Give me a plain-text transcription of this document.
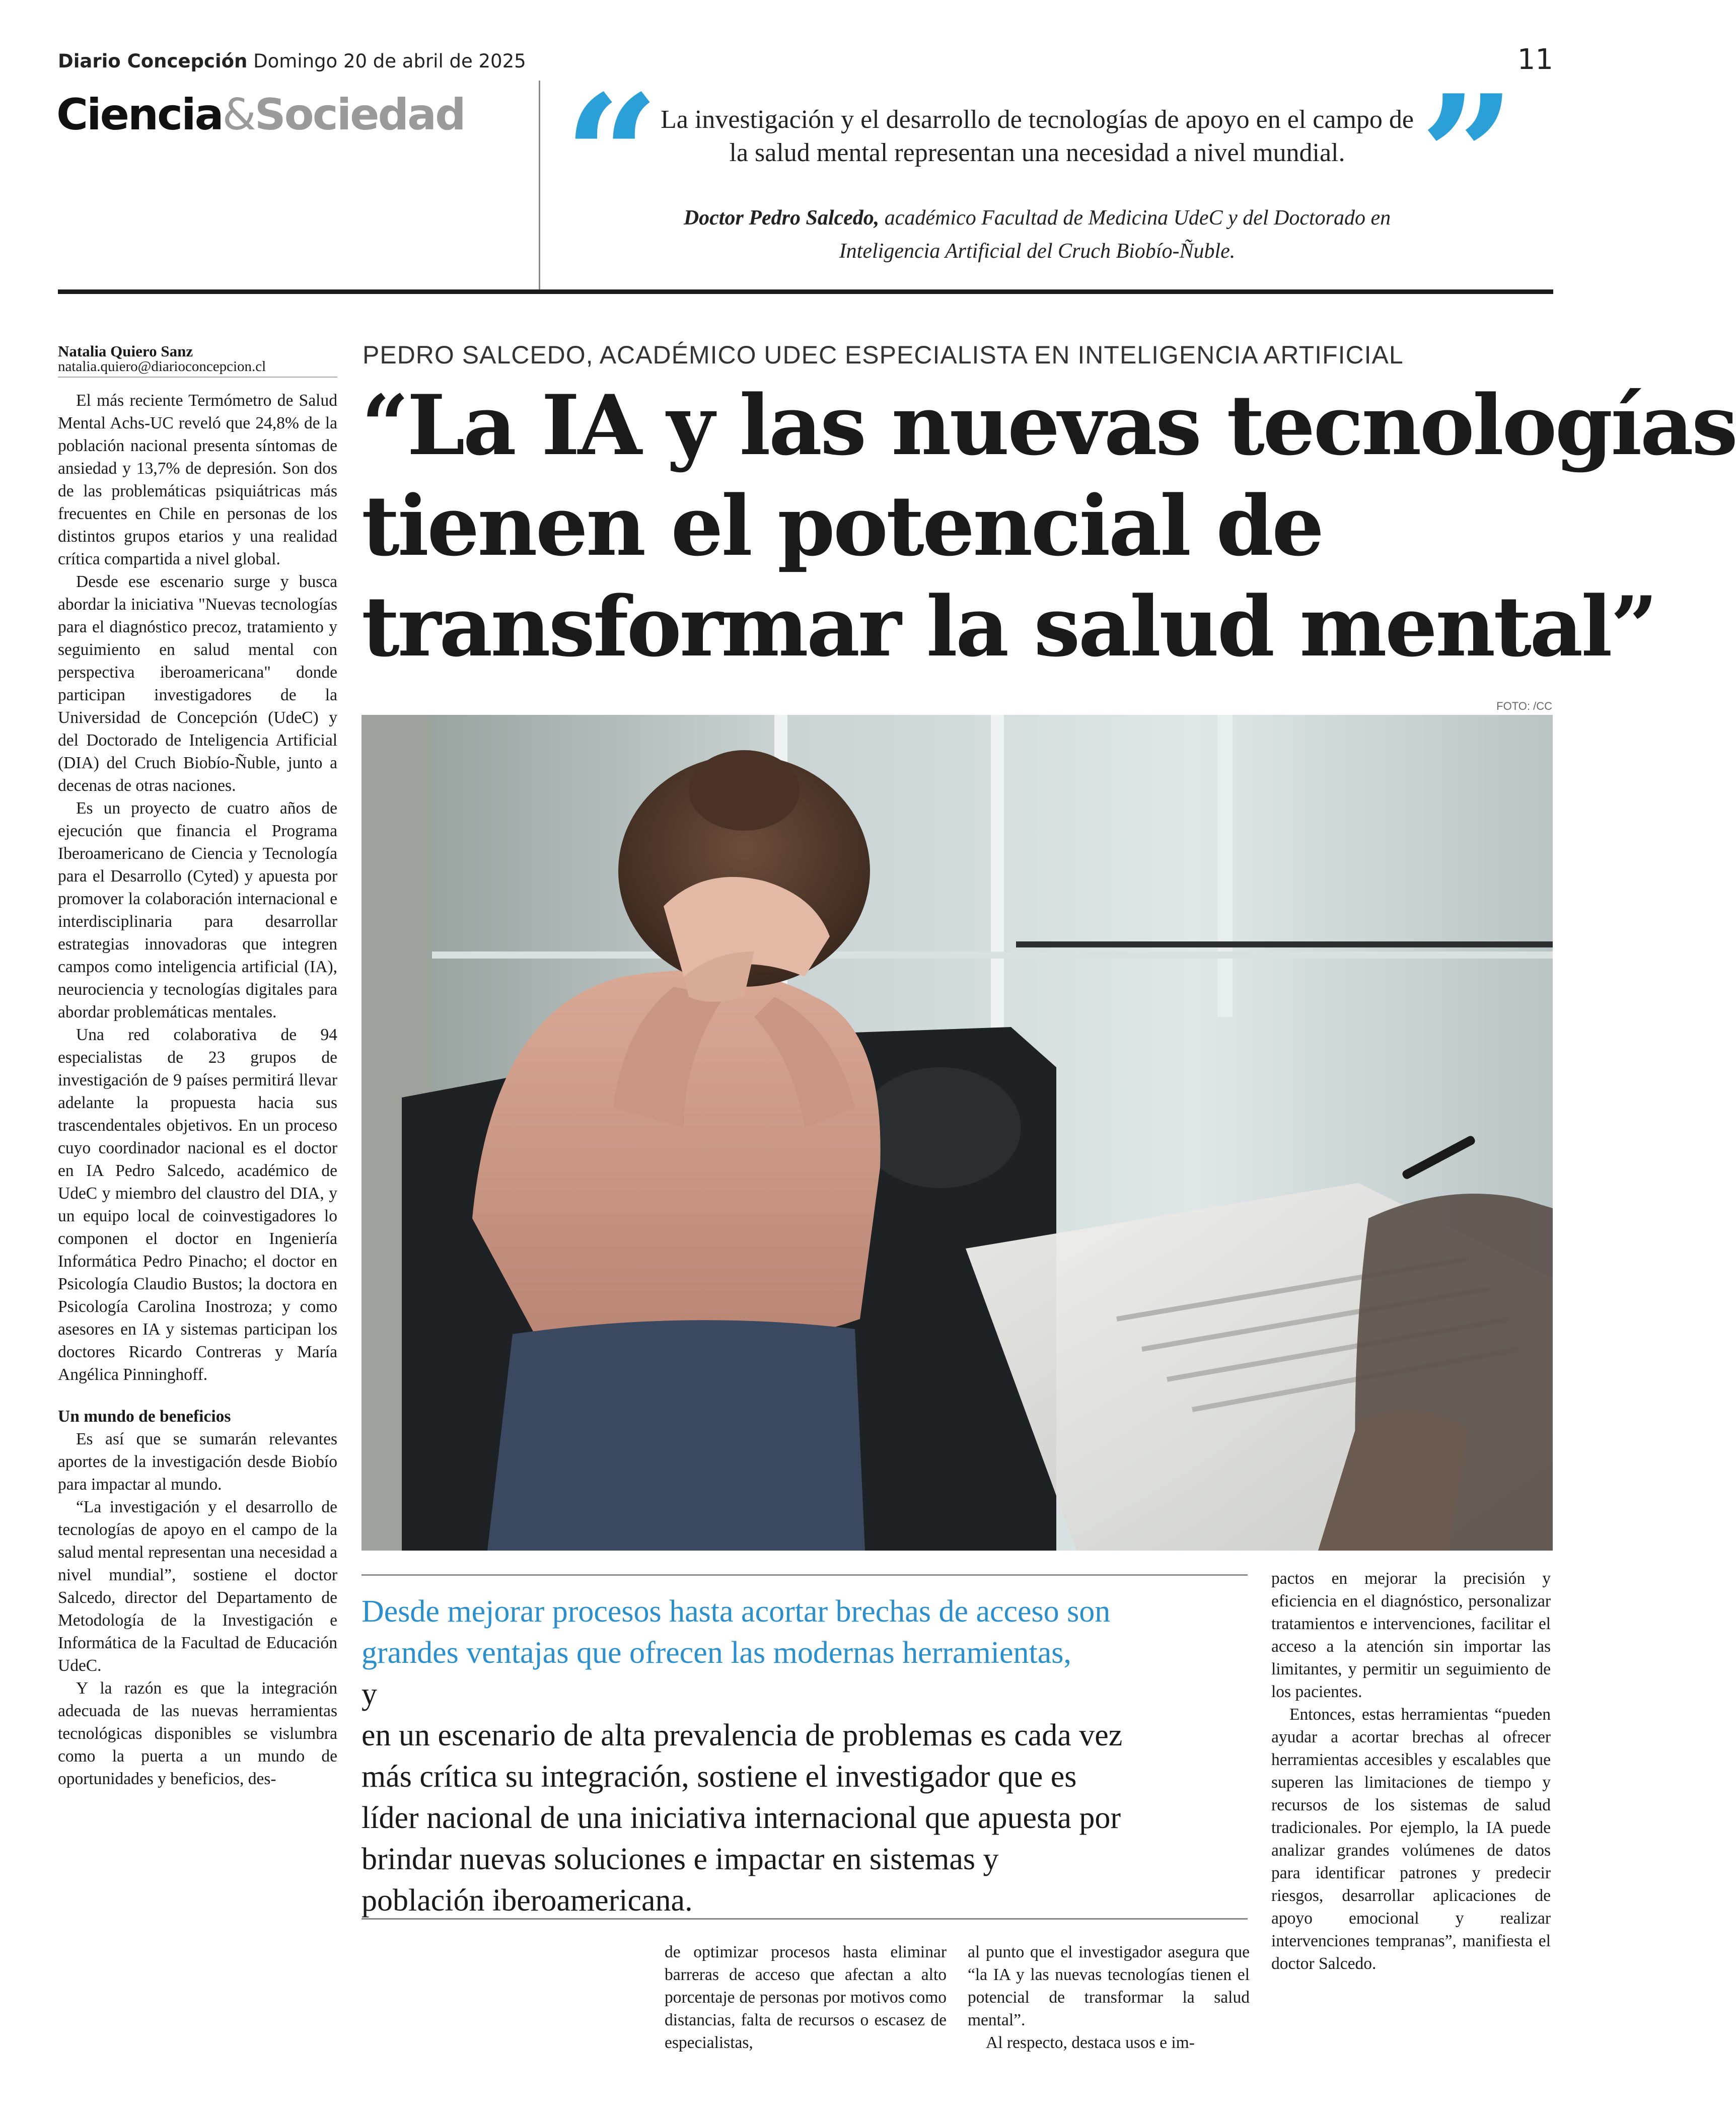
Diario Concepción Domingo 20 de abril de 2025	11
Ciencia&Sociedad “	”
La investigación y el desarrollo de tecnologías de apoyo en el campo de la salud mental representan una necesidad a nivel mundial.
Doctor Pedro Salcedo, académico Facultad de Medicina UdeC y del Doctorado en Inteligencia Artificial del Cruch Biobío-Ñuble.
Natalia Quiero Sanz
natalia.quiero@diarioconcepcion.cl	PEDRO SALCEDO, ACADÉMICO UDEC ESPECIALISTA EN INTELIGENCIA ARTIFICIAL
“La IA y las nuevas tecnologías
tienen el potencial de
transformar la salud mental”
FOTO: /CC

El más reciente Termómetro de Salud Mental Achs-UC reveló que 24,8% de la población nacional presenta síntomas de ansiedad y 13,7% de depresión. Son dos de las problemáticas psiquiátricas más frecuentes en Chile en personas de los distintos grupos etarios y una realidad crítica compartida a nivel global.

Desde ese escenario surge y busca abordar la iniciativa "Nuevas tecnologías para el diagnóstico precoz, tratamiento y seguimiento en salud mental con perspectiva iberoamericana" donde participan investigadores de la Universidad de Concepción (UdeC) y del Doctorado de Inteligencia Artificial (DIA) del Cruch Biobío-Ñuble, junto a decenas de otras naciones.

Es un proyecto de cuatro años de ejecución que financia el Programa Iberoamericano de Ciencia y Tecnología para el Desarrollo (Cyted) y apuesta por promover la colaboración internacional e interdisciplinaria para desarrollar estrategias innovadoras que integren campos como inteligencia artificial (IA), neurociencia y tecnologías digitales para abordar problemáticas mentales.

Una red colaborativa de 94 especialistas de 23 grupos de investigación de 9 países permitirá llevar adelante la propuesta hacia sus trascendentales objetivos. En un proceso cuyo coordinador nacional es el doctor en IA Pedro Salcedo, académico de UdeC y miembro del claustro del DIA, y un equipo local de coinvestigadores lo componen el doctor en Ingeniería Informática Pedro Pinacho; el doctor en Psicología Claudio Bustos; la doctora en Psicología Carolina Inostroza; y como asesores en IA y sistemas participan los doctores Ricardo Contreras y María Angélica Pinninghoff.

Un mundo de beneficios

Es así que se sumarán relevantes aportes de la investigación desde Biobío para impactar al mundo.

“La investigación y el desarrollo de tecnologías de apoyo en el campo de la salud mental representan una necesidad a nivel mundial”, sostiene el doctor Salcedo, director del Departamento de Metodología de la Investigación e Informática de la Facultad de Educación UdeC.

Y la razón es que la integración adecuada de las nuevas herramientas tecnológicas disponibles se vislumbra como la puerta a un mundo de oportunidades y beneficios, des-

Desde mejorar procesos hasta acortar brechas de acceso son
grandes ventajas que ofrecen las modernas herramientas,
y
en un escenario de alta prevalencia de problemas es cada vez
más crítica su integración, sostiene el investigador que es
líder nacional de una iniciativa internacional que apuesta por
brindar nuevas soluciones e impactar en sistemas y
población iberoamericana.

de optimizar procesos hasta eliminar barreras de acceso que afectan a alto porcentaje de personas por motivos como distancias, falta de recursos o escasez de especialistas,

al punto que el investigador asegura que “la IA y las nuevas tecnologías tienen el potencial de transformar la salud mental”.

Al respecto, destaca usos e im-

pactos en mejorar la precisión y eficiencia en el diagnóstico, personalizar tratamientos e intervenciones, facilitar el acceso a la atención sin importar las limitantes, y permitir un seguimiento de los pacientes.

Entonces, estas herramientas “pueden ayudar a acortar brechas al ofrecer herramientas accesibles y escalables que superen las limitaciones de tiempo y recursos de los sistemas de salud tradicionales. Por ejemplo, la IA puede analizar grandes volúmenes de datos para identificar patrones y predecir riesgos, desarrollar aplicaciones de apoyo emocional y realizar intervenciones tempranas”, manifiesta el doctor Salcedo.
